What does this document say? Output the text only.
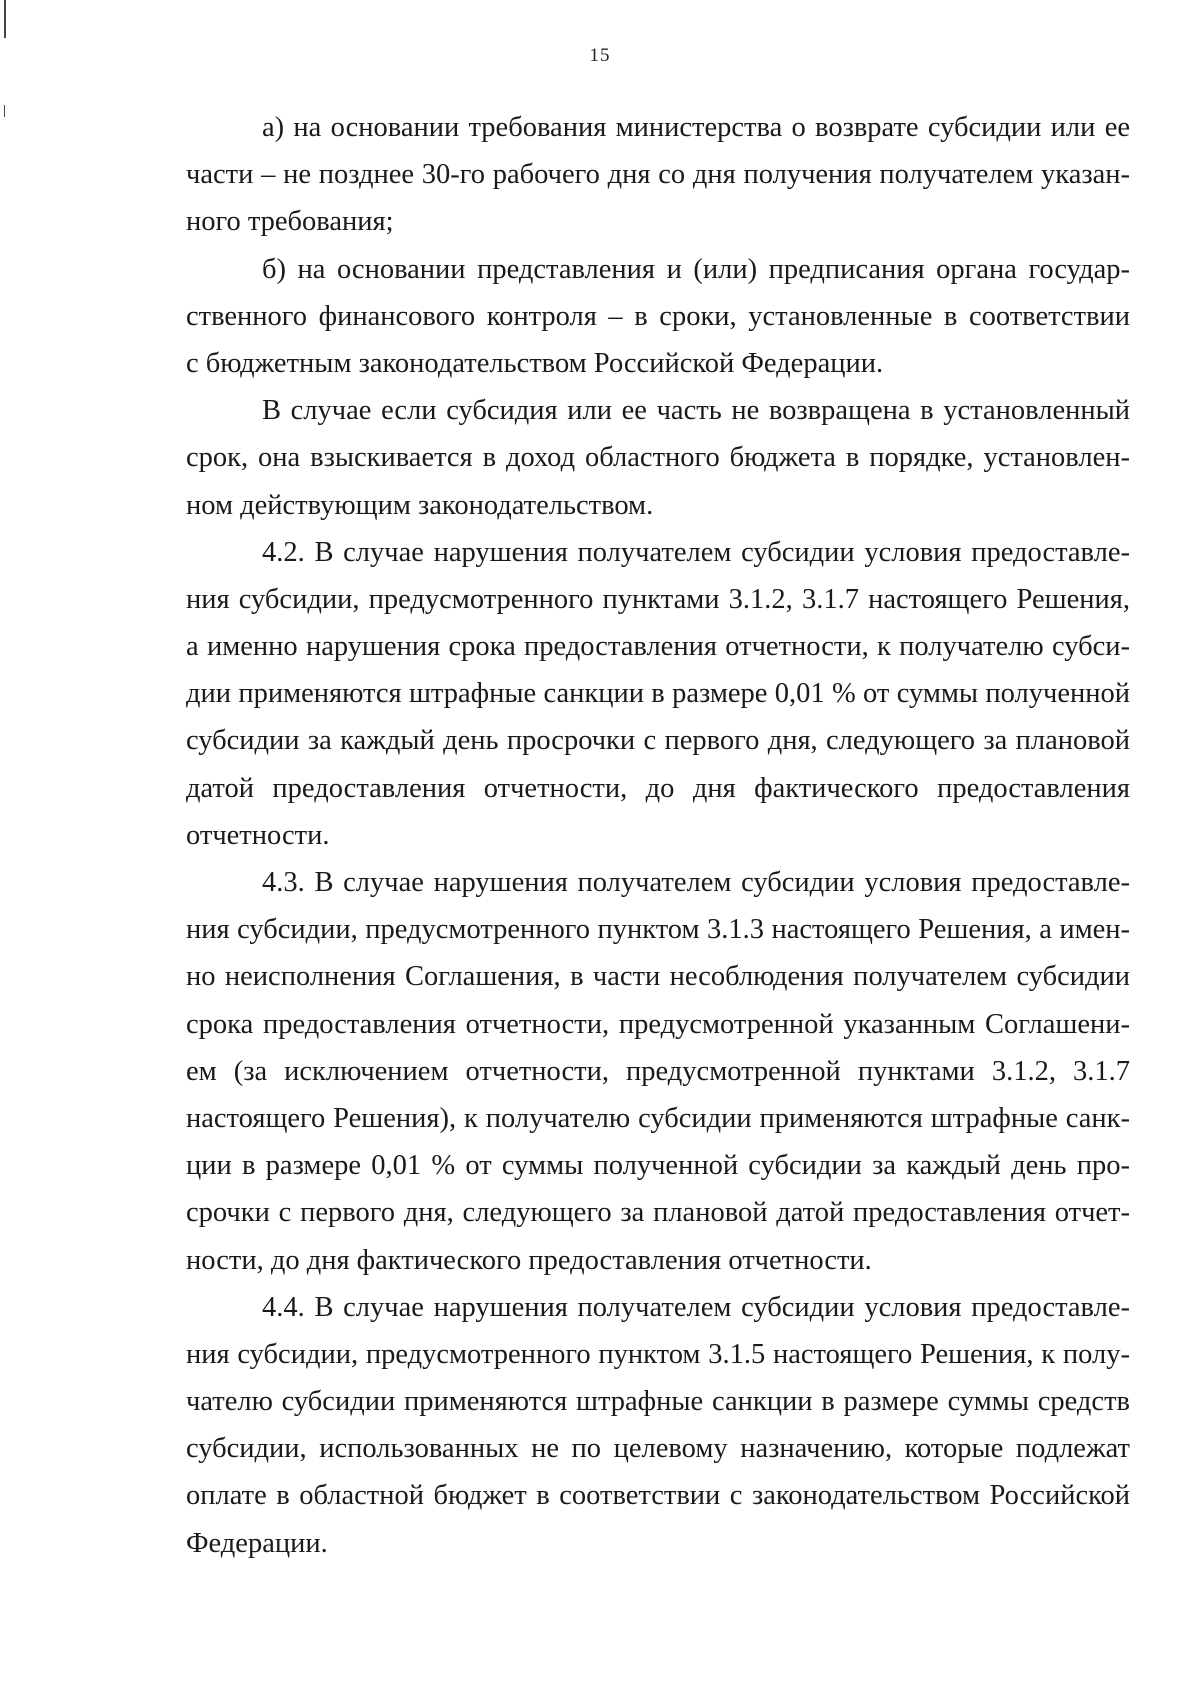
15
а) на основании требования министерства о возврате субсидии или ее
части – не позднее 30-го рабочего дня со дня получения получателем указан-
ного требования;
б) на основании представления и (или) предписания органа государ-
ственного финансового контроля – в сроки, установленные в соответствии
с бюджетным законодательством Российской Федерации.
В случае если субсидия или ее часть не возвращена в установленный
срок, она взыскивается в доход областного бюджета в порядке, установлен-
ном действующим законодательством.
4.2. В случае нарушения получателем субсидии условия предоставле-
ния субсидии, предусмотренного пунктами 3.1.2, 3.1.7 настоящего Решения,
а именно нарушения срока предоставления отчетности, к получателю субси-
дии применяются штрафные санкции в размере 0,01 % от суммы полученной
субсидии за каждый день просрочки с первого дня, следующего за плановой
датой предоставления отчетности, до дня фактического предоставления
отчетности.
4.3. В случае нарушения получателем субсидии условия предоставле-
ния субсидии, предусмотренного пунктом 3.1.3 настоящего Решения, а имен-
но неисполнения Соглашения, в части несоблюдения получателем субсидии
срока предоставления отчетности, предусмотренной указанным Соглашени-
ем (за исключением отчетности, предусмотренной пунктами 3.1.2, 3.1.7
настоящего Решения), к получателю субсидии применяются штрафные санк-
ции в размере 0,01 % от суммы полученной субсидии за каждый день про-
срочки с первого дня, следующего за плановой датой предоставления отчет-
ности, до дня фактического предоставления отчетности.
4.4. В случае нарушения получателем субсидии условия предоставле-
ния субсидии, предусмотренного пунктом 3.1.5 настоящего Решения, к полу-
чателю субсидии применяются штрафные санкции в размере суммы средств
субсидии, использованных не по целевому назначению, которые подлежат
оплате в областной бюджет в соответствии с законодательством Российской
Федерации.
